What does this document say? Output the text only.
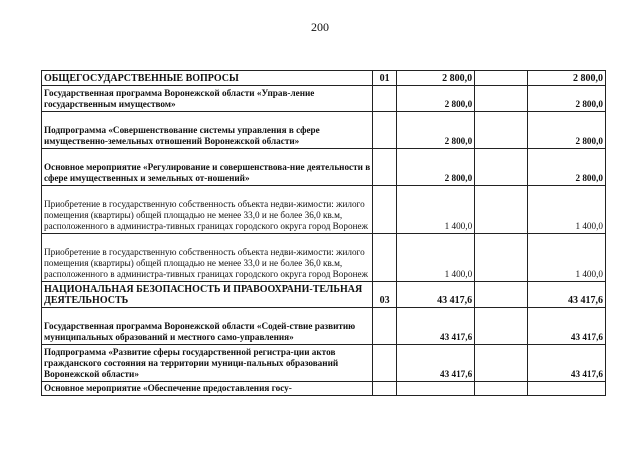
200
ОБЩЕГОСУДАРСТВЕННЫЕ ВОПРОСЫ	01	2 800,0		2 800,0
Государственная программа Воронежской области «Управ-ление государственным имуществом»		2 800,0		2 800,0
Подпрограмма «Совершенствование системы управления в сфере имущественно-земельных отношений Воронежской области»		2 800,0		2 800,0
Основное мероприятие «Регулирование и совершенствова-ние деятельности в сфере имущественных и земельных от-ношений»		2 800,0		2 800,0
Приобретение в государственную собственность объекта недви-жимости: жилого помещения (квартиры) общей площадью не менее 33,0 и не более 36,0 кв.м, расположенного в администра-тивных границах городского округа город Воронеж		1 400,0		1 400,0
Приобретение в государственную собственность объекта недви-жимости: жилого помещения (квартиры) общей площадью не менее 33,0 и не более 36,0 кв.м, расположенного в администра-тивных границах городского округа город Воронеж		1 400,0		1 400,0
НАЦИОНАЛЬНАЯ БЕЗОПАСНОСТЬ И ПРАВООХРАНИ-ТЕЛЬНАЯ ДЕЯТЕЛЬНОСТЬ	03	43 417,6		43 417,6
Государственная программа Воронежской области «Содей-ствие развитию муниципальных образований и местного само-управления»		43 417,6		43 417,6
Подпрограмма «Развитие сферы государственной регистра-ции актов гражданского состояния на территории муници-пальных образований Воронежской области»		43 417,6		43 417,6
Основное мероприятие «Обеспечение предоставления госу-				
